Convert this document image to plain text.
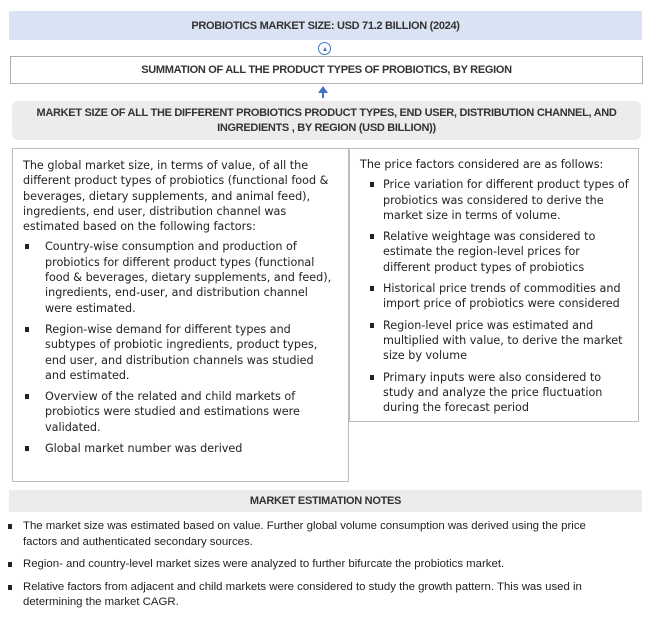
PROBIOTICS MARKET SIZE: USD 71.2 BILLION (2024)
SUMMATION OF ALL THE PRODUCT TYPES OF PROBIOTICS, BY REGION
MARKET SIZE OF ALL THE DIFFERENT PROBIOTICS PRODUCT TYPES, END USER, DISTRIBUTION CHANNEL, AND INGREDIENTS , BY REGION (USD BILLION))

The global market size, in terms of value, of all the different product types of probiotics (functional food & beverages, dietary supplements, and animal feed), ingredients, end user, distribution channel was estimated based on the following factors:

Country-wise consumption and production of probiotics for different product types (functional food & beverages, dietary supplements, and feed), ingredients, end-user, and distribution channel were estimated.
Region-wise demand for different types and subtypes of probiotic ingredients, product types, end user, and distribution channels was studied and estimated.
Overview of the related and child markets of probiotics were studied and estimations were validated.
Global market number was derived

The price factors considered are as follows:

Price variation for different product types of probiotics was considered to derive the market size in terms of volume.
Relative weightage was considered to estimate the region-level prices for different product types of probiotics
Historical price trends of commodities and import price of probiotics were considered
Region-level price was estimated and multiplied with value, to derive the market size by volume
Primary inputs were also considered to study and analyze the price fluctuation during the forecast period
MARKET ESTIMATION NOTES
The market size was estimated based on value. Further global volume consumption was derived using the price factors and authenticated secondary sources.
Region- and country-level market sizes were analyzed to further bifurcate the probiotics market.
Relative factors from adjacent and child markets were considered to study the growth pattern. This was used in determining the market CAGR.
